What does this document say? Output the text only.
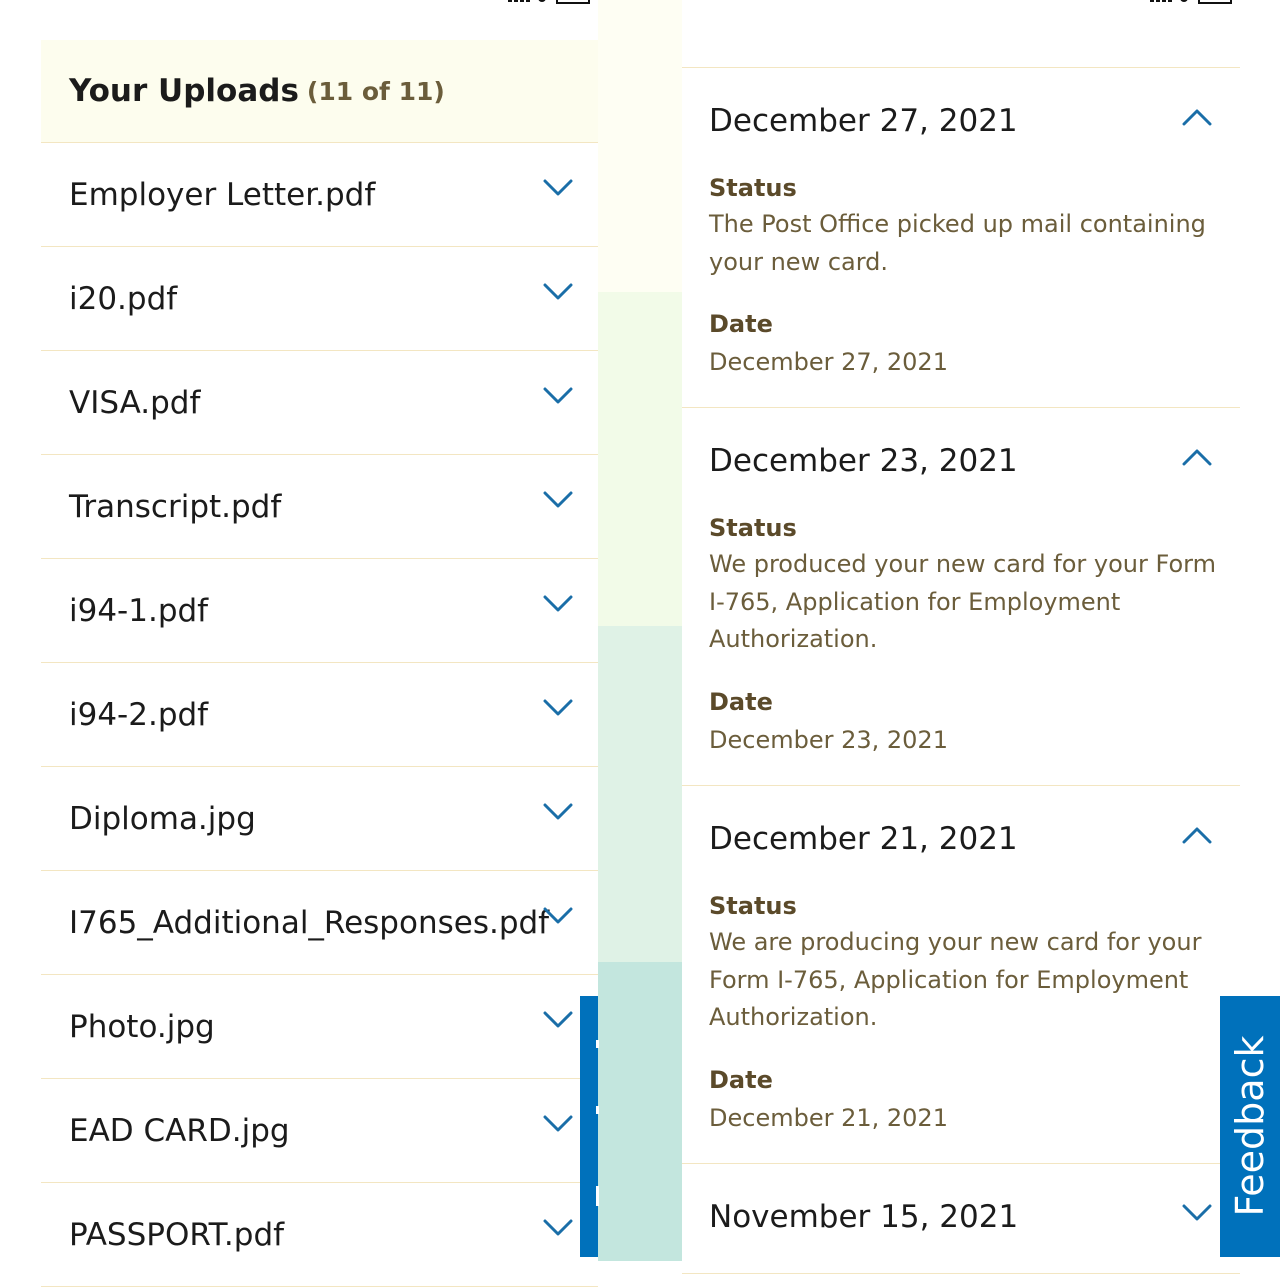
Your Uploads (11 of 11)
Employer Letter.pdf
i20.pdf
VISA.pdf
Transcript.pdf
i94-1.pdf
i94-2.pdf
Diploma.jpg
I765_Additional_Responses.pdf
Photo.jpg
EAD CARD.jpg
PASSPORT.pdf
December 27, 2021
Status
The Post Office picked up mail containing your new card.
Date
December 27, 2021
December 23, 2021
Status
We produced your new card for your Form I-765, Application for Employment Authorization.
Date
December 23, 2021
December 21, 2021
Status
We are producing your new card for your Form I-765, Application for Employment Authorization.
Date
December 21, 2021
November 15, 2021
Feedback
